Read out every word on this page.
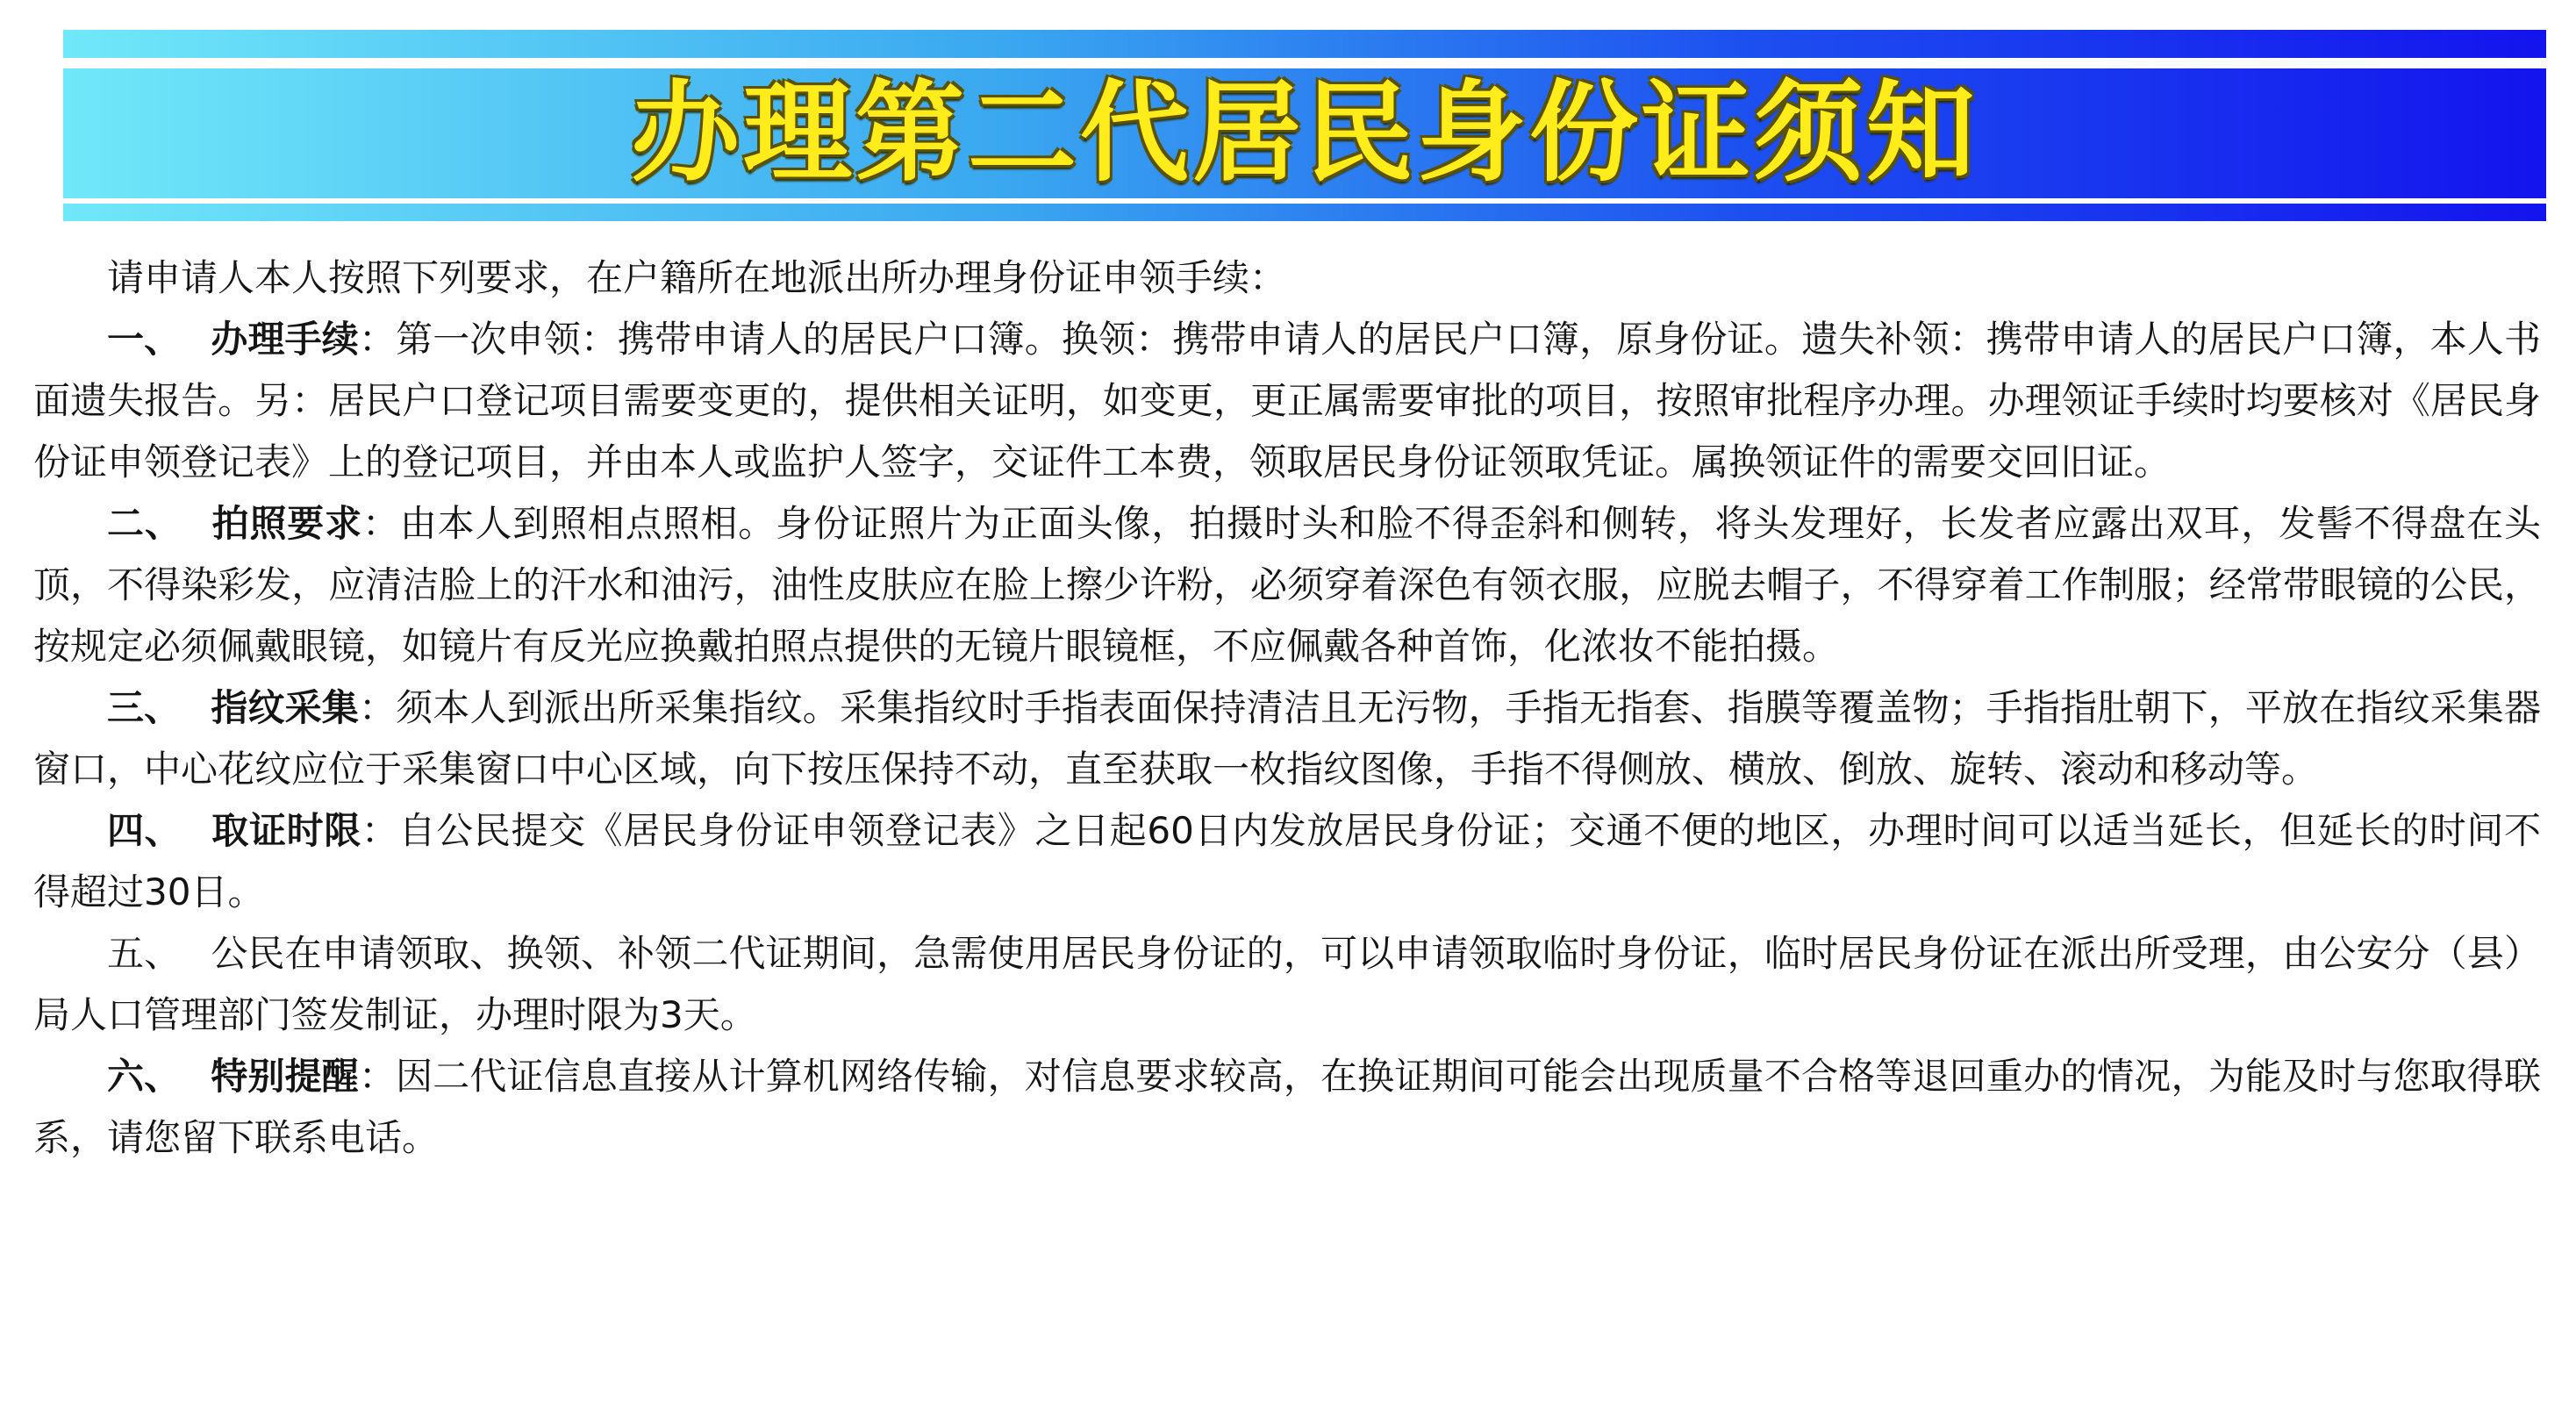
办理第二代居民身份证须知

请申请人本人按照下列要求，在户籍所在地派出所办理身份证申领手续：

一、 办理手续：第一次申领：携带申请人的居民户口簿。换领：携带申请人的居民户口簿，原身份证。遗失补领：携带申请人的居民户口簿，本人书面遗失报告。另：居民户口登记项目需要变更的，提供相关证明，如变更，更正属需要审批的项目，按照审批程序办理。办理领证手续时均要核对《居民身份证申领登记表》上的登记项目，并由本人或监护人签字，交证件工本费，领取居民身份证领取凭证。属换领证件的需要交回旧证。

二、 拍照要求：由本人到照相点照相。身份证照片为正面头像，拍摄时头和脸不得歪斜和侧转，将头发理好，长发者应露出双耳，发髻不得盘在头顶，不得染彩发，应清洁脸上的汗水和油污，油性皮肤应在脸上擦少许粉，必须穿着深色有领衣服，应脱去帽子，不得穿着工作制服；经常带眼镜的公民，按规定必须佩戴眼镜，如镜片有反光应换戴拍照点提供的无镜片眼镜框，不应佩戴各种首饰，化浓妆不能拍摄。

三、 指纹采集：须本人到派出所采集指纹。采集指纹时手指表面保持清洁且无污物，手指无指套、指膜等覆盖物；手指指肚朝下，平放在指纹采集器窗口，中心花纹应位于采集窗口中心区域，向下按压保持不动，直至获取一枚指纹图像，手指不得侧放、横放、倒放、旋转、滚动和移动等。

四、 取证时限：自公民提交《居民身份证申领登记表》之日起60日内发放居民身份证；交通不便的地区，办理时间可以适当延长，但延长的时间不得超过30日。

五、 公民在申请领取、换领、补领二代证期间，急需使用居民身份证的，可以申请领取临时身份证，临时居民身份证在派出所受理，由公安分（县）局人口管理部门签发制证，办理时限为3天。

六、 特别提醒：因二代证信息直接从计算机网络传输，对信息要求较高，在换证期间可能会出现质量不合格等退回重办的情况，为能及时与您取得联系，请您留下联系电话。
